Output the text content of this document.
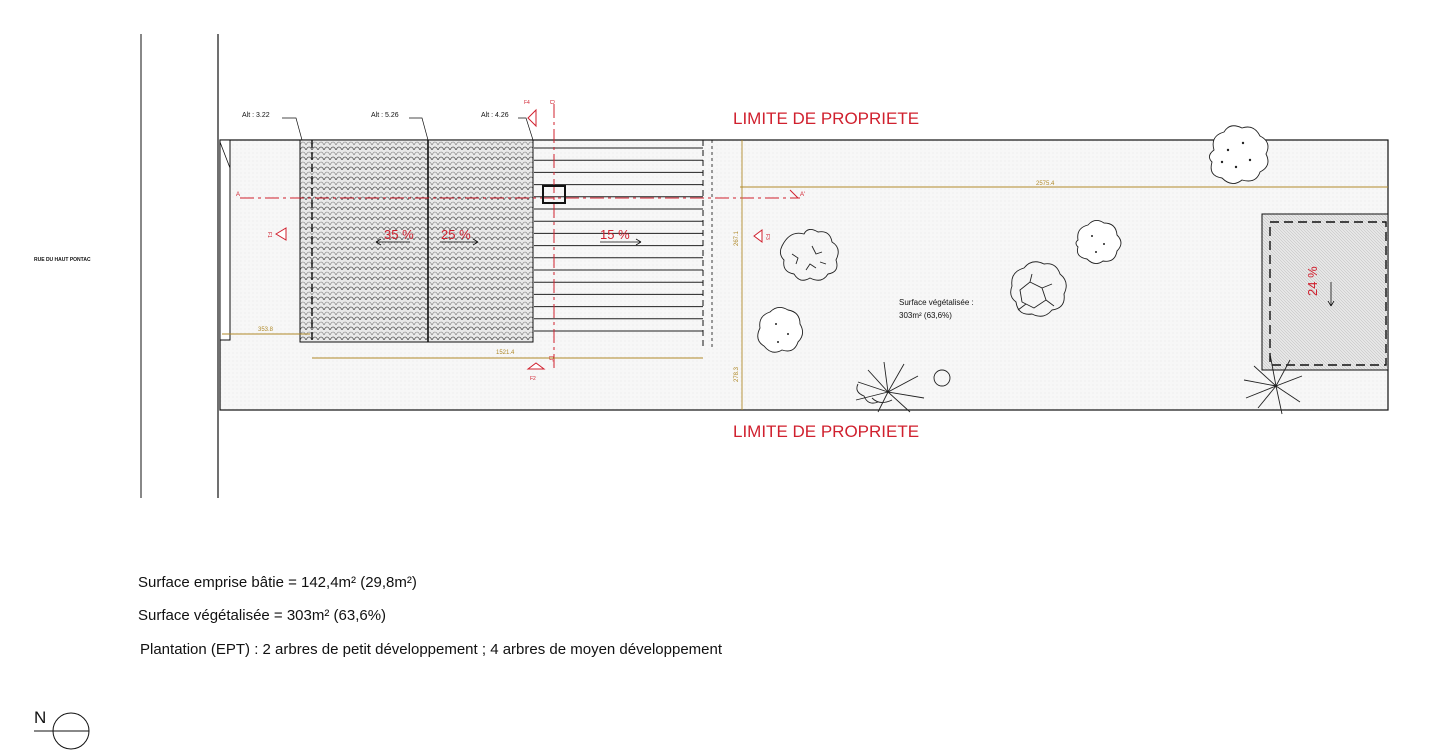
RUE DU HAUT PONTAC
A	A'
D
D'
F4
F1
F2
F3
Alt : 3.22	Alt : 5.26	Alt : 4.26	LIMITE DE PROPRIETE
LIMITE DE PROPRIETE
35 % 25 %	15 %
24 %
2575.4
353.8
1521.4
267.1
278.3
Surface végétalisée :
303m² (63,6%)
Surface emprise bâtie = 142,4m² (29,8m²)
Surface végétalisée = 303m² (63,6%)
Plantation (EPT) : 2 arbres de petit développement ; 4 arbres de moyen développement
N
